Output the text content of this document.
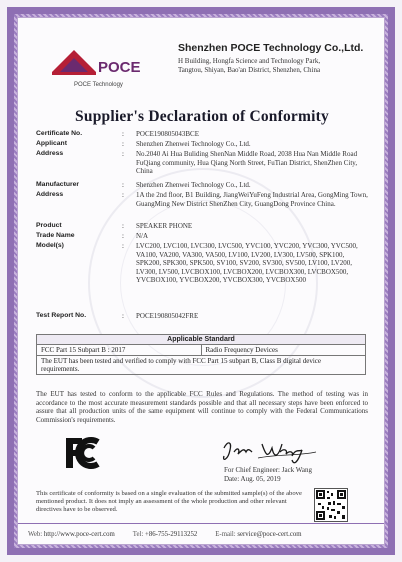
POCE
POCE Technology
Shenzhen POCE Technology Co.,Ltd.
H Building, Hongfa Science and Technology Park,
Tangtou, Shiyan, Bao'an District, Shenzhen, China
Supplier's Declaration of Conformity
Certificate No.	:	POCE190805043BCE
Applicant	:	Shenzhen Zhenwei Technology Co., Ltd.
Address	:	No.2040 Ai Hua Buliding ShenNan Middle Road, 2038 Hua Nan Middle Road FuQiang community, Hua Qiang North Street, FuTian District, ShenZhen City, China
Manufacturer	:	Shenzhen Zhenwei Technology Co., Ltd.
Address	:	1A the 2nd floor, B1 Building, JiangWeiYuFeng Industrial Area, GongMing Town, GuangMing New District ShenZhen City, GuangDong Province China.
Product	:	SPEAKER PHONE
Trade Name	:	N/A
Model(s)	:	LVC200, LVC100, LVC300, LVC500, YVC100, YVC200, YVC300, YVC500, VA100, VA200, VA300, VA500, LV100, LV200, LV300, LV500, SPK100, SPK200, SPK300, SPK500, SV100, SV200, SV300, SV500, LV100, LV200, LV300, LV500, LVCBOX100, LVCBOX200, LVCBOX300, LVCBOX500, YVCBOX100, YVCBOX200, YVCBOX300, YVCBOX500
Test Report No.	:	POCE190805042FRE
Applicable Standard
FCC Part 15 Subpart B : 2017	Radio Frequency Devices
The EUT has been tested and verified to comply with FCC Part 15 subpart B, Class B digital device requirements.
The EUT has tested to conform to the applicable FCC Rules and Regulations. The method of testing was in accordance to the most accurate measurement standards possible and that all necessary steps have been enforced to assure that all production units of the same equipment will continue to comply with the Federal Communications Commission's requirements.
For Chief Engineer: Jack Wang
Date: Aug. 05, 2019
This certificate of conformity is based on a single evaluation of the submitted sample(s) of the above mentioned product. It does not imply an assessment of the whole production and other relevant directives have to be observed.
Web: http://www.poce-cert.com	Tel: +86-755-29113252	E-mail: service@poce-cert.com
